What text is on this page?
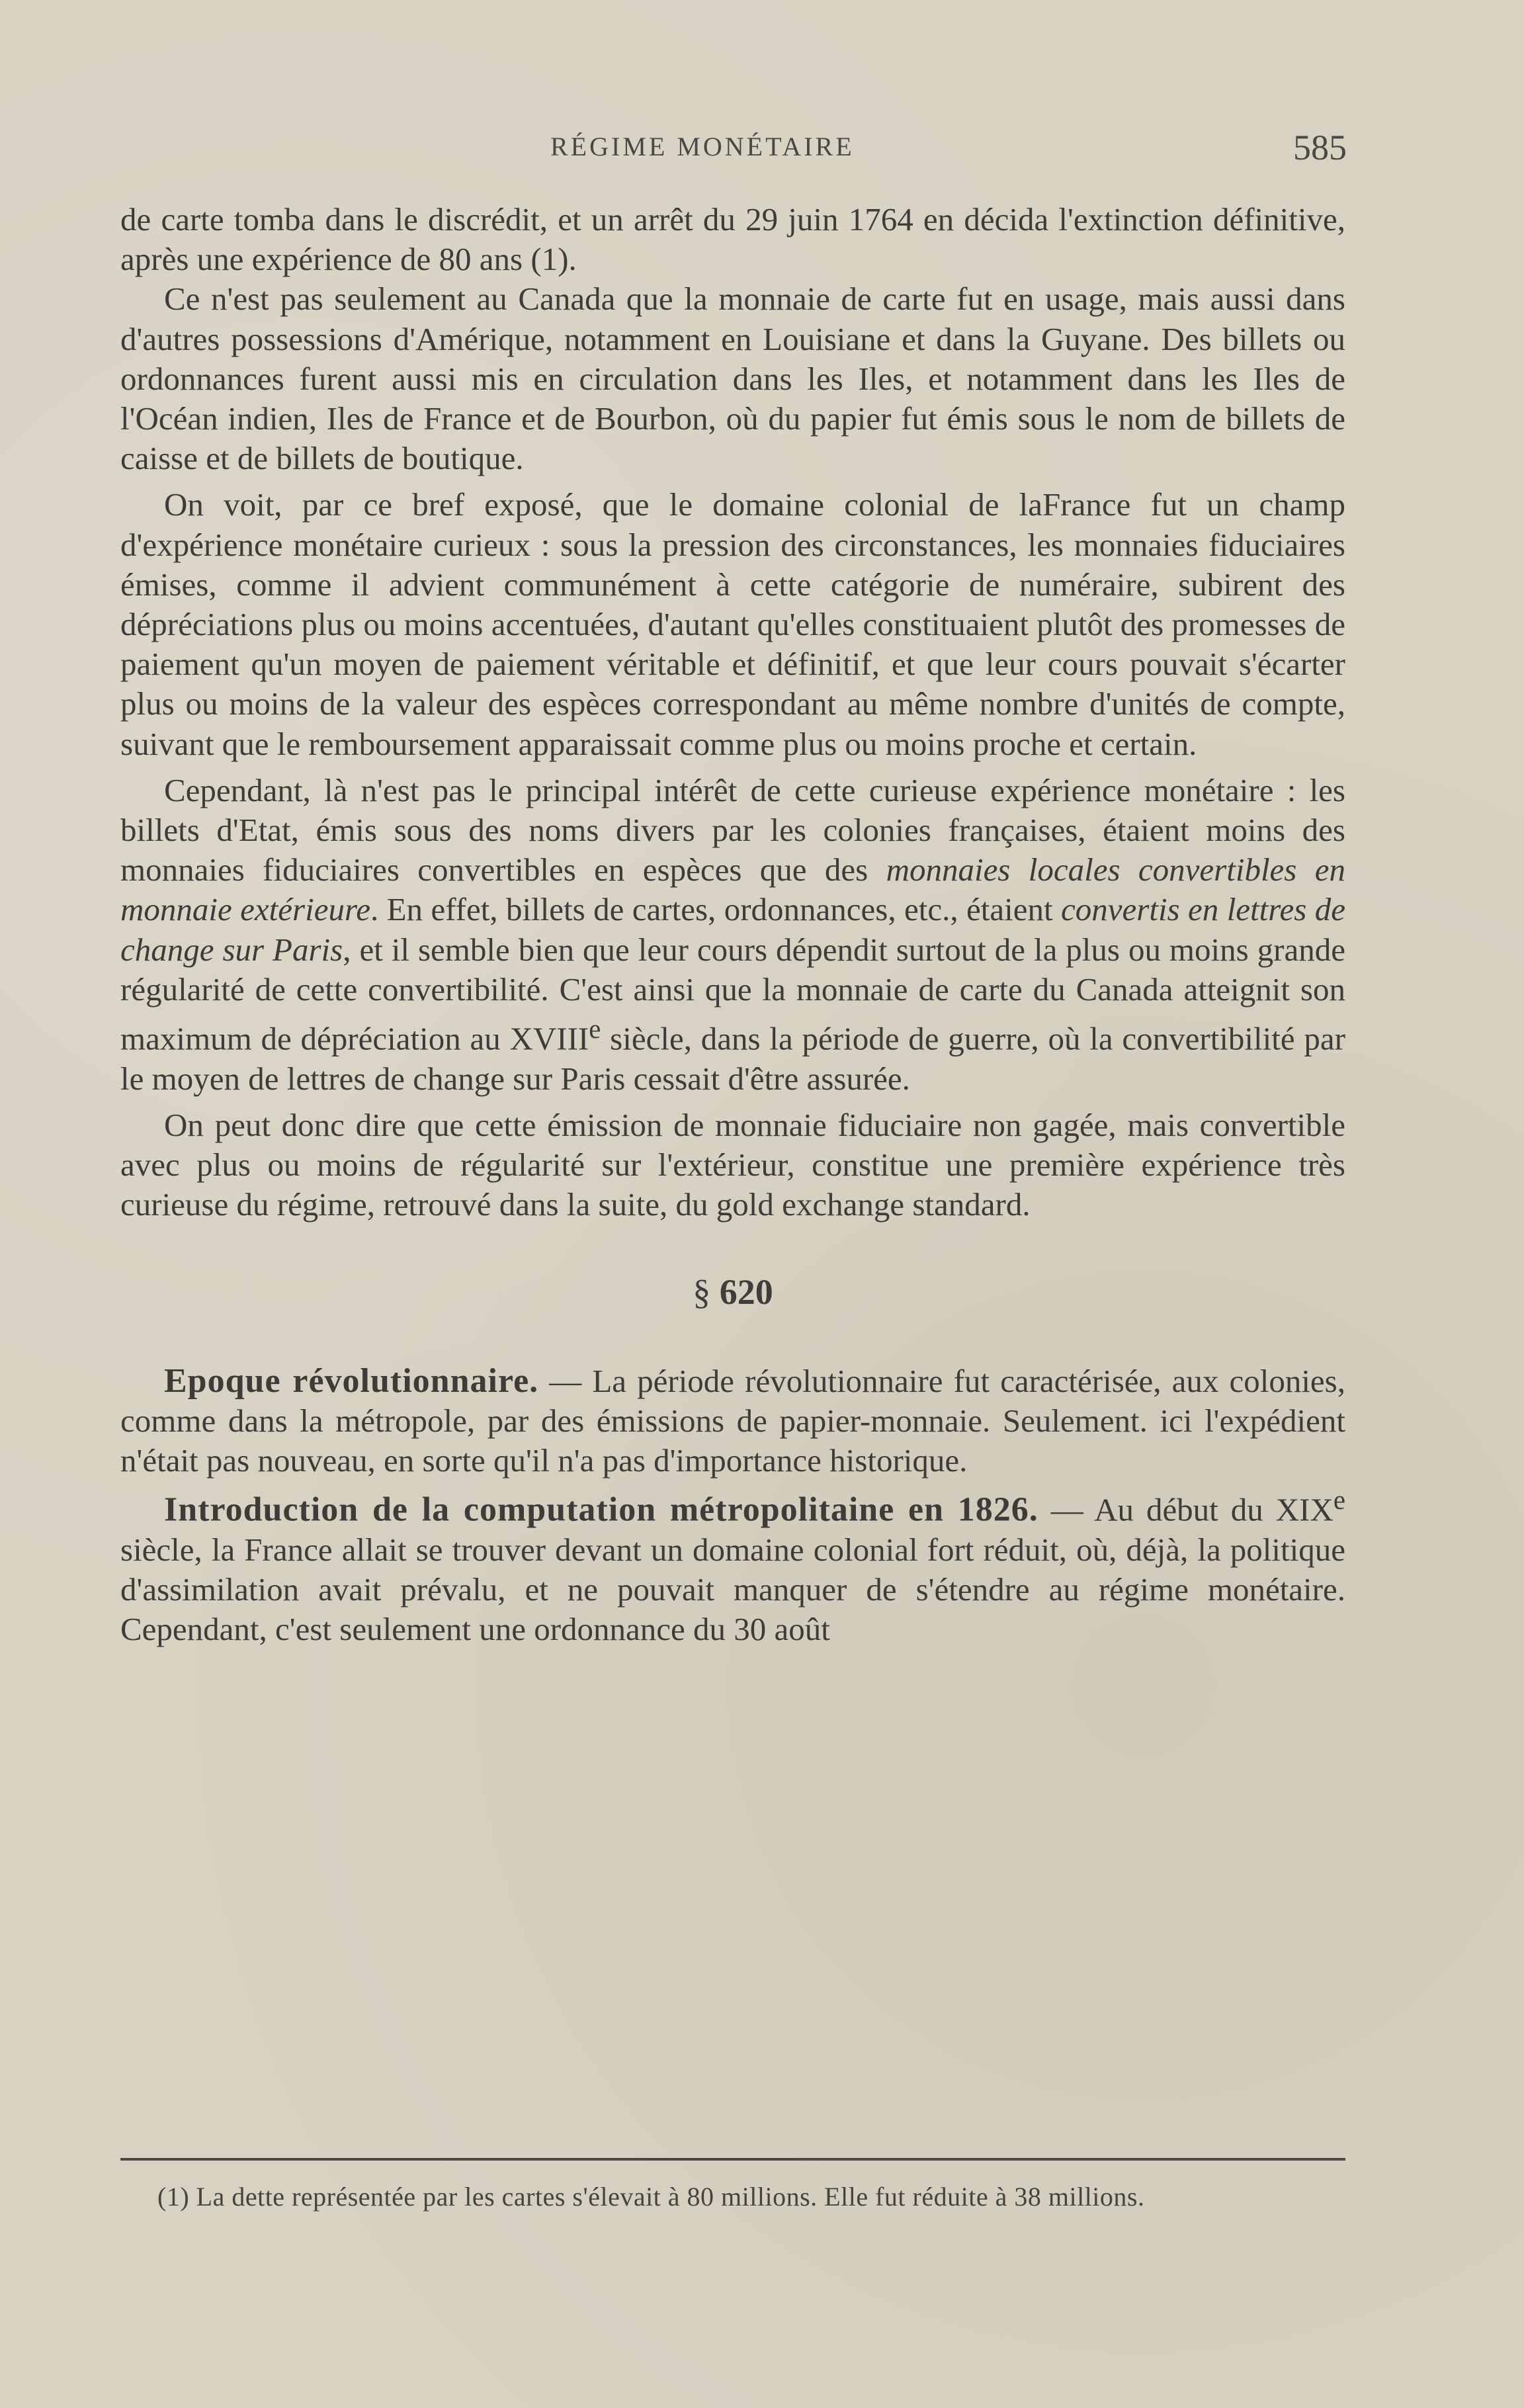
RÉGIME MONÉTAIRE	585

de carte tomba dans le discrédit, et un arrêt du 29 juin 1764 en décida l'extinction définitive, après une expérience de 80 ans (1).

Ce n'est pas seulement au Canada que la monnaie de carte fut en usage, mais aussi dans d'autres possessions d'Amérique, notamment en Louisiane et dans la Guyane. Des billets ou ordonnances furent aussi mis en circulation dans les Iles, et notamment dans les Iles de l'Océan indien, Iles de France et de Bourbon, où du papier fut émis sous le nom de billets de caisse et de billets de boutique.

On voit, par ce bref exposé, que le domaine colonial de laFrance fut un champ d'expérience monétaire curieux : sous la pression des circonstances, les monnaies fiduciaires émises, comme il advient communément à cette catégorie de numéraire, subirent des dépréciations plus ou moins accentuées, d'autant qu'elles constituaient plutôt des promesses de paiement qu'un moyen de paiement véritable et définitif, et que leur cours pouvait s'écarter plus ou moins de la valeur des espèces correspondant au même nombre d'unités de compte, suivant que le remboursement apparaissait comme plus ou moins proche et certain.

Cependant, là n'est pas le principal intérêt de cette curieuse expérience monétaire : les billets d'Etat, émis sous des noms divers par les colonies françaises, étaient moins des monnaies fiduciaires convertibles en espèces que des monnaies locales convertibles en monnaie extérieure. En effet, billets de cartes, ordonnances, etc., étaient convertis en lettres de change sur Paris, et il semble bien que leur cours dépendit surtout de la plus ou moins grande régularité de cette convertibilité. C'est ainsi que la monnaie de carte du Canada atteignit son maximum de dépréciation au XVIIIe siècle, dans la période de guerre, où la convertibilité par le moyen de lettres de change sur Paris cessait d'être assurée.

On peut donc dire que cette émission de monnaie fiduciaire non gagée, mais convertible avec plus ou moins de régularité sur l'extérieur, constitue une première expérience très curieuse du régime, retrouvé dans la suite, du gold exchange standard.

§ 620

Epoque révolutionnaire. — La période révolutionnaire fut caractérisée, aux colonies, comme dans la métropole, par des émissions de papier-monnaie. Seulement. ici l'expédient n'était pas nouveau, en sorte qu'il n'a pas d'importance historique.

Introduction de la computation métropolitaine en 1826. — Au début du XIXe siècle, la France allait se trouver devant un domaine colonial fort réduit, où, déjà, la politique d'assimilation avait prévalu, et ne pouvait manquer de s'étendre au régime monétaire. Cependant, c'est seulement une ordonnance du 30 août

(1) La dette représentée par les cartes s'élevait à 80 millions. Elle fut réduite à 38 millions.
